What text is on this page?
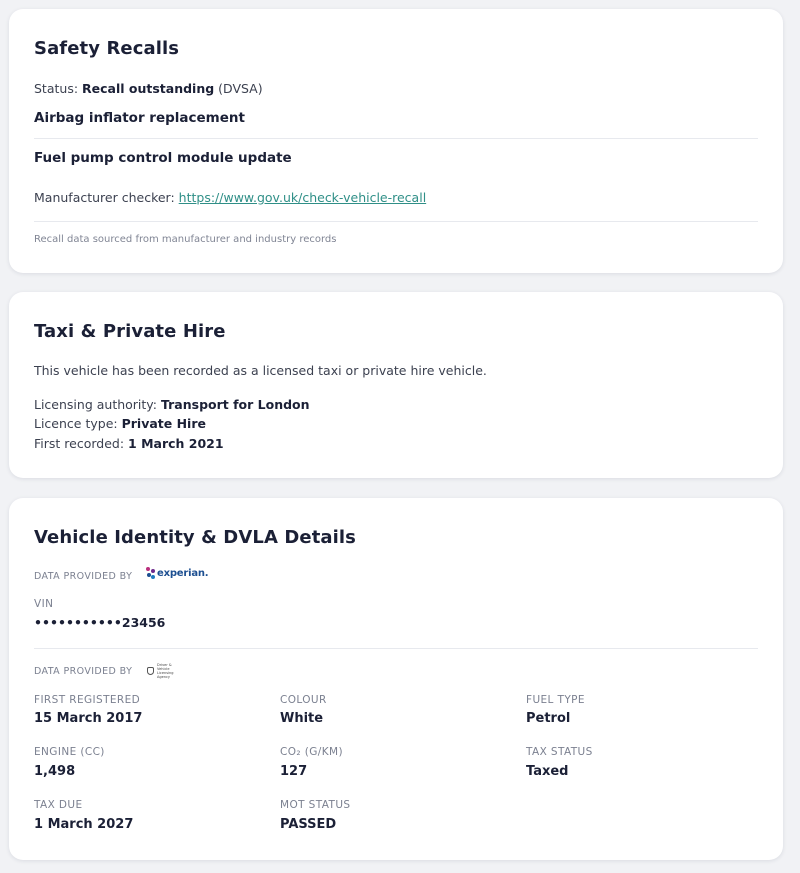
Safety Recalls
Status: Recall outstanding (DVSA)
Airbag inflator replacement
Fuel pump control module update
Manufacturer checker: https://www.gov.uk/check-vehicle-recall
Recall data sourced from manufacturer and industry records
Taxi & Private Hire
This vehicle has been recorded as a licensed taxi or private hire vehicle.
Licensing authority: Transport for London
Licence type: Private Hire
First recorded: 1 March 2021
Vehicle Identity & DVLA Details
DATA PROVIDED BY experian.
VIN
•••••••••••23456
DATA PROVIDED BY
Driver & Vehicle Licensing Agency
FIRST REGISTERED
15 March 2017
COLOUR
White
FUEL TYPE
Petrol
ENGINE (CC)
1,498
CO₂ (G/KM)
127
TAX STATUS
Taxed
TAX DUE
1 March 2027
MOT STATUS
PASSED
